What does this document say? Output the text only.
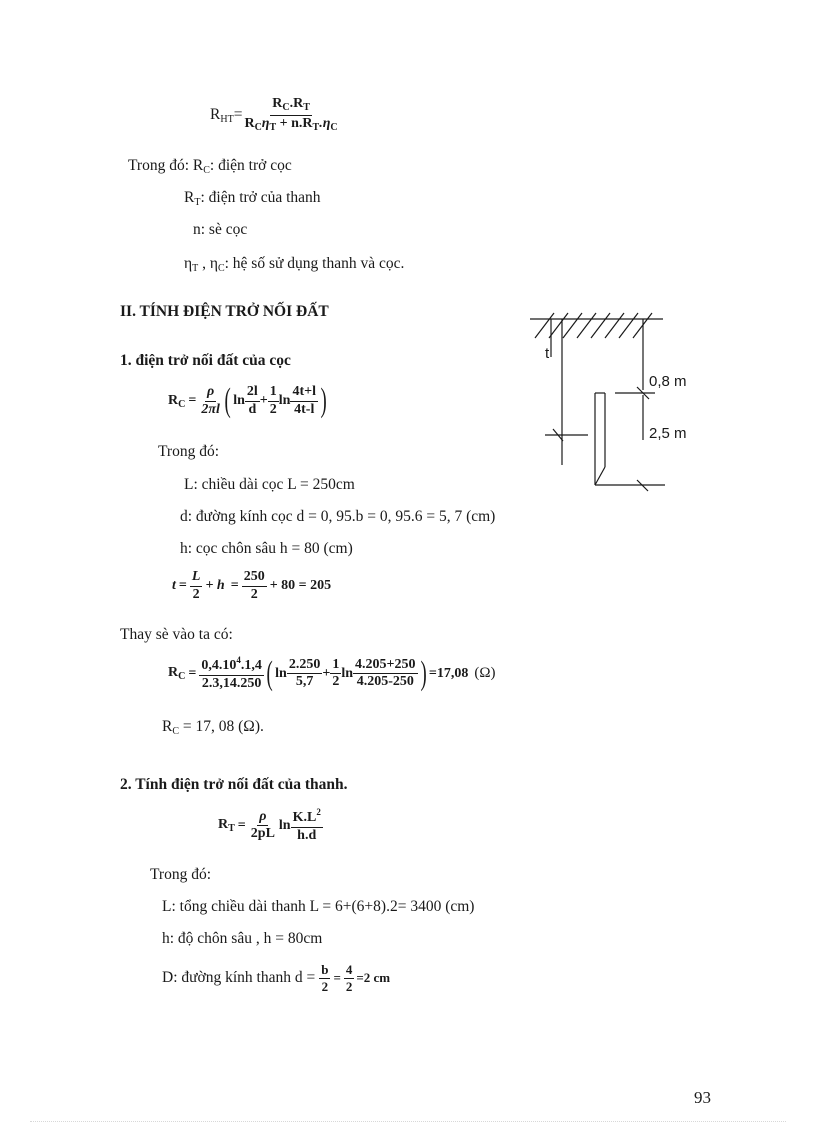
$R_{HT}= \frac{R_C.R_T}{R_C\eta_T + n.R_T.\eta_C}$
Trong đó: $R_C$: điện trở cọc
$R_T$: điện trở của thanh
n: sè cọc
$\eta_T$ , $\eta_C$: hệ số sử dụng thanh và cọc.
II. TÍNH ĐIỆN TRỞ NỐI ĐẤT
1. điện trở nối đất của cọc
$R_C = \frac{\rho}{2\pi l}$ ( $\ln \frac{2l}{d} + \frac{1}{2}$ $\ln \frac{4t+l}{4t-l}$ )
Trong đó:
L: chiều dài cọc L = 250cm
d: đường kính cọc d = 0, 95.b = 0, 95.6 = 5, 7 (cm)
h: cọc chôn sâu h = 80 (cm)
$t = \frac{L}{2} + h = \frac{250}{2} + 80 = 205$
Thay sè vào ta có:
$R_C = \frac{0,4.10^4.1,4}{2.3,14.250}$ ( $\ln \frac{2.250}{5,7} + \frac{1}{2}$ $\ln \frac{4.205+250}{4.205-250}$ ) =17,08 (Ω)
$R_C = 17$, 08 (Ω).
2. Tính điện trở nối đất của thanh.
$R_T = \frac{\rho}{2pL}$ $\ln \frac{K.L^2}{h.d}$
Trong đó:
L: tổng chiều dài thanh L = 6+(6+8).2= 3400 (cm)
h: độ chôn sâu , h = 80cm
D: đường kính thanh $d = \frac{b}{2} = \frac{4}{2} =2$ cm
t
0,8 m
2,5 m
93
